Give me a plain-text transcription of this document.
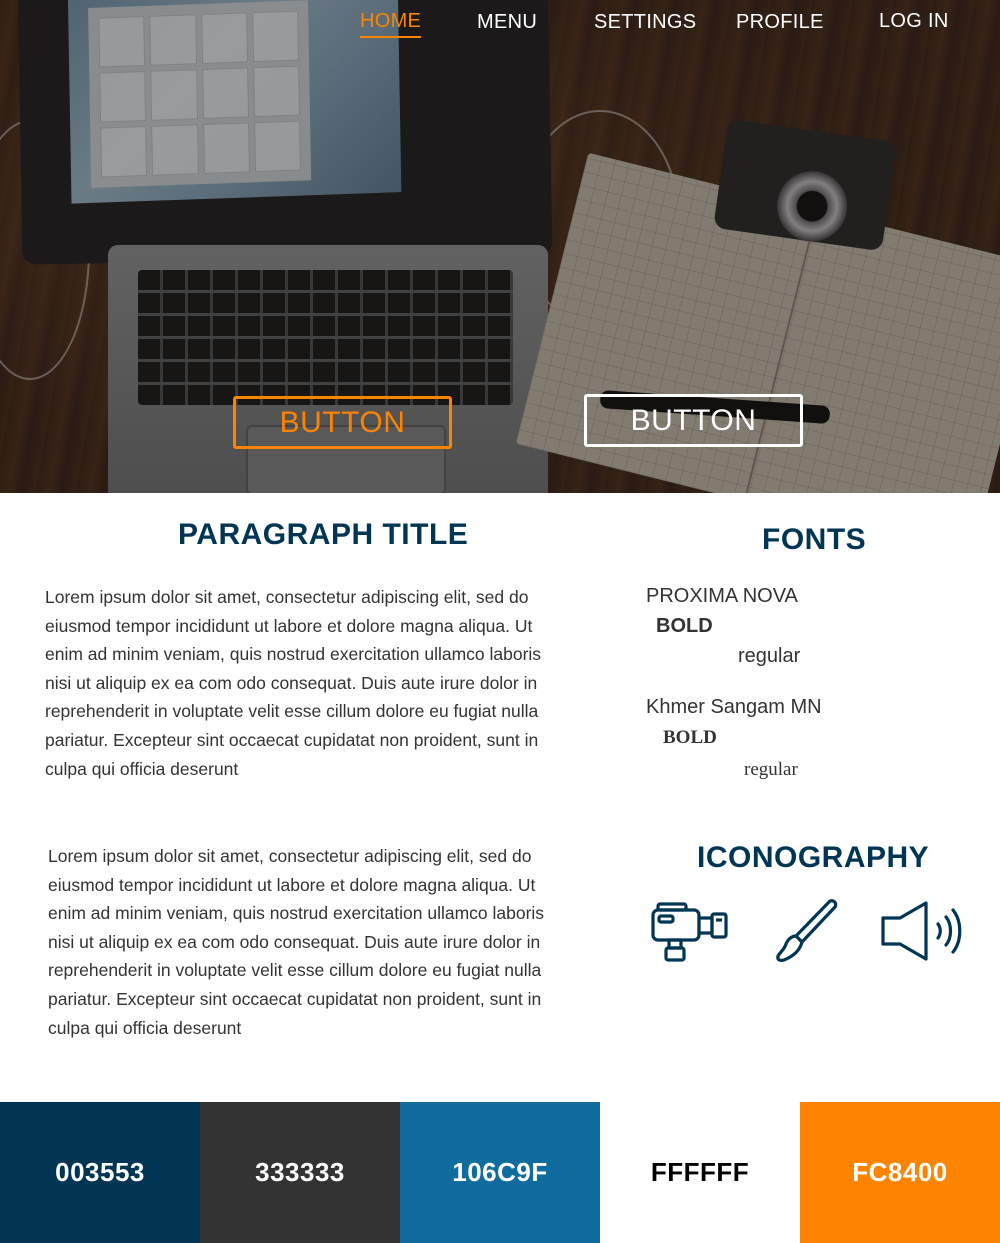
HOME	MENU	SETTINGS PROFILE	LOG IN
BUTTON	BUTTON
PARAGRAPH TITLE

Lorem ipsum dolor sit amet, consectetur adipiscing elit, sed do eiusmod tempor incididunt ut labore et dolore magna aliqua. Ut enim ad minim veniam, quis nostrud exercitation ullamco laboris nisi ut aliquip ex ea com odo consequat. Duis aute irure dolor in reprehenderit in voluptate velit esse cillum dolore eu fugiat nulla pariatur. Excepteur sint occaecat cupidatat non proident, sunt in culpa qui officia deserunt

Lorem ipsum dolor sit amet, consectetur adipiscing elit, sed do eiusmod tempor incididunt ut labore et dolore magna aliqua. Ut enim ad minim veniam, quis nostrud exercitation ullamco laboris nisi ut aliquip ex ea com odo consequat. Duis aute irure dolor in reprehenderit in voluptate velit esse cillum dolore eu fugiat nulla pariatur. Excepteur sint occaecat cupidatat non proident, sunt in culpa qui officia deserunt

FONTS
PROXIMA NOVA
BOLD
regular
Khmer Sangam MN
BOLD
regular
ICONOGRAPHY
003553	333333	106C9F	FFFFFF	FC8400
